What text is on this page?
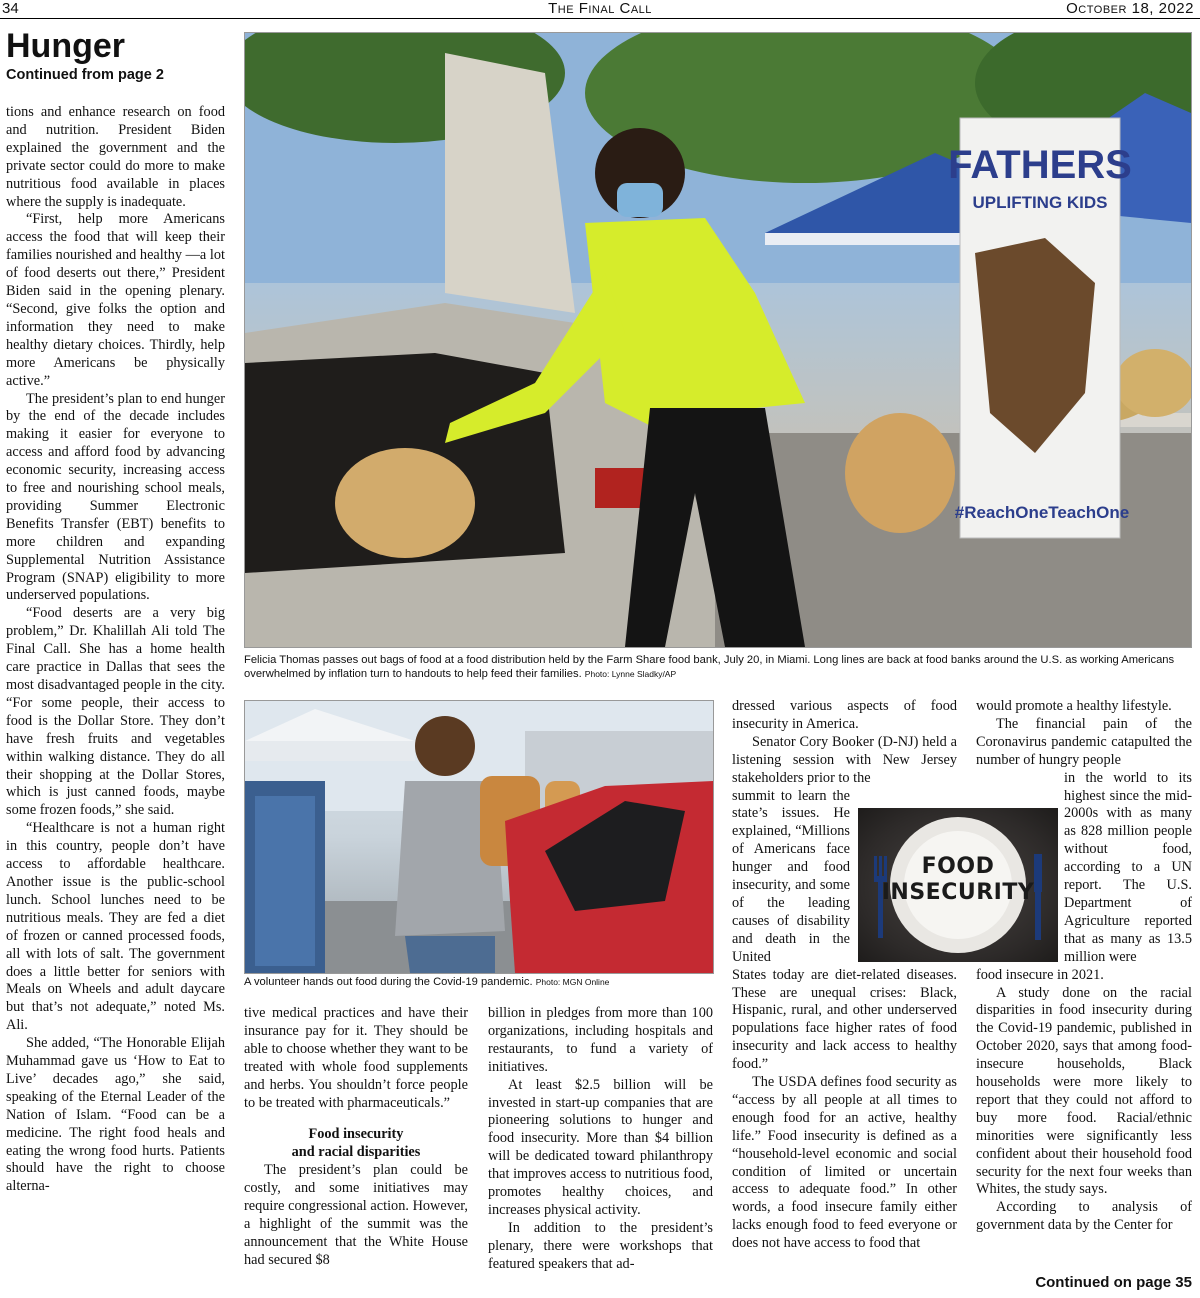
34	The Final Call	October 18, 2022
Hunger
Continued from page 2

tions and enhance research on food and nutrition. President Biden explained the government and the private sector could do more to make nutritious food available in places where the supply is inadequate.

“First, help more Americans access the food that will keep their families nourished and healthy —a lot of food deserts out there,” President Biden said in the opening plenary. “Second, give folks the option and information they need to make healthy dietary choices. Thirdly, help more Americans be physically active.”

The president’s plan to end hunger by the end of the decade includes making it easier for everyone to access and afford food by advancing economic security, increasing access to free and nourishing school meals, providing Summer Electronic Benefits Transfer (EBT) benefits to more children and expanding Supplemental Nutrition Assistance Program (SNAP) eligibility to more underserved populations.

“Food deserts are a very big problem,” Dr. Khalillah Ali told The Final Call. She has a home health care practice in Dallas that sees the most disadvantaged people in the city. “For some people, their access to food is the Dollar Store. They don’t have fresh fruits and vegetables within walking distance. They do all their shopping at the Dollar Stores, which is just canned foods, maybe some frozen foods,” she said.

“Healthcare is not a human right in this country, people don’t have access to affordable healthcare. Another issue is the public-school lunch. School lunches need to be nutritious meals. They are fed a diet of frozen or canned processed foods, all with lots of salt. The government does a little better for seniors with Meals on Wheels and adult daycare but that’s not adequate,” noted Ms. Ali.

She added, “The Honorable Elijah Muhammad gave us ‘How to Eat to Live’ decades ago,” she said, speaking of the Eternal Leader of the Nation of Islam. “Food can be a medicine. The right food heals and eating the wrong food hurts. Patients should have the right to choose alterna-

FATHERS
UPLIFTING KIDS
#ReachOneTeachOne
Felicia Thomas passes out bags of food at a food distribution held by the Farm Share food bank, July 20, in Miami. Long lines are back at food banks around the U.S. as working Americans overwhelmed by inflation turn to handouts to help feed their families. Photo: Lynne Sladky/AP
A volunteer hands out food during the Covid-19 pandemic. Photo: MGN Online

tive medical practices and have their insurance pay for it. They should be able to choose whether they want to be treated with whole food supplements and herbs. You shouldn’t force people to be treated with pharmaceuticals.”

Food insecurity
and racial disparities

The president’s plan could be costly, and some initiatives may require congressional action. However, a highlight of the summit was the announcement that the White House had secured $8

billion in pledges from more than 100 organizations, including hospitals and restaurants, to fund a variety of initiatives.

At least $2.5 billion will be invested in start-up companies that are pioneering solutions to hunger and food insecurity. More than $4 billion will be dedicated toward philanthropy that improves access to nutritious food, promotes healthy choices, and increases physical activity.

In addition to the president’s plenary, there were workshops that featured speakers that ad-

dressed various aspects of food insecurity in America.

Senator Cory Booker (D-NJ) held a listening session with New Jersey stakeholders prior to the

summit to learn the state’s issues. He explained, “Millions of Americans face hunger and food insecurity, and some of the leading causes of disability and death in the United

States today are diet-related diseases. These are unequal crises: Black, Hispanic, rural, and other underserved populations face higher rates of food insecurity and lack access to healthy food.”

The USDA defines food security as “access by all people at all times to enough food for an active, healthy life.” Food insecurity is defined as a “household-level economic and social condition of limited or uncertain access to adequate food.” In other words, a food insecure family either lacks enough food to feed everyone or does not have access to food that

would promote a healthy lifestyle.

The financial pain of the Coronavirus pandemic catapulted the number of hungry people

in the world to its highest since the mid-2000s with as many as 828 million people without food, according to a UN report. The U.S. Department of Agriculture reported that as many as 13.5 million were

food insecure in 2021.

A study done on the racial disparities in food insecurity during the Covid-19 pandemic, published in October 2020, says that among food-insecure households, Black households were more likely to report that they could not afford to buy more food. Racial/ethnic minorities were significantly less confident about their household food security for the next four weeks than Whites, the study says.

According to analysis of government data by the Center for

FOOD
INSECURITY
Continued on page 35
